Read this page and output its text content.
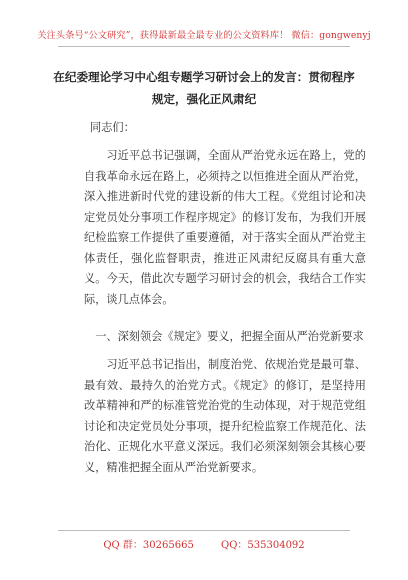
关注头条号“公文研究”，获得最新最全最专业的公文资料库！ 微信：gongwenyj
在纪委理论学习中心组专题学习研讨会上的发言：贯彻程序规定，强化正风肃纪
同志们：

习近平总书记强调，全面从严治党永远在路上，党的自我革命永远在路上，必须持之以恒推进全面从严治党，深入推进新时代党的建设新的伟大工程。《党组讨论和决定党员处分事项工作程序规定》的修订发布，为我们开展纪检监察工作提供了重要遵循，对于落实全面从严治党主体责任，强化监督职责，推进正风肃纪反腐具有重大意义。今天，借此次专题学习研讨会的机会，我结合工作实际，谈几点体会。

一、深刻领会《规定》要义，把握全面从严治党新要求

习近平总书记指出，制度治党、依规治党是最可靠、最有效、最持久的治党方式。《规定》的修订，是坚持用改革精神和严的标准管党治党的生动体现，对于规范党组讨论和决定党员处分事项，提升纪检监察工作规范化、法治化、正规化水平意义深远。我们必须深刻领会其核心要义，精准把握全面从严治党新要求。

QQ 群：30265665	QQ：535304092
